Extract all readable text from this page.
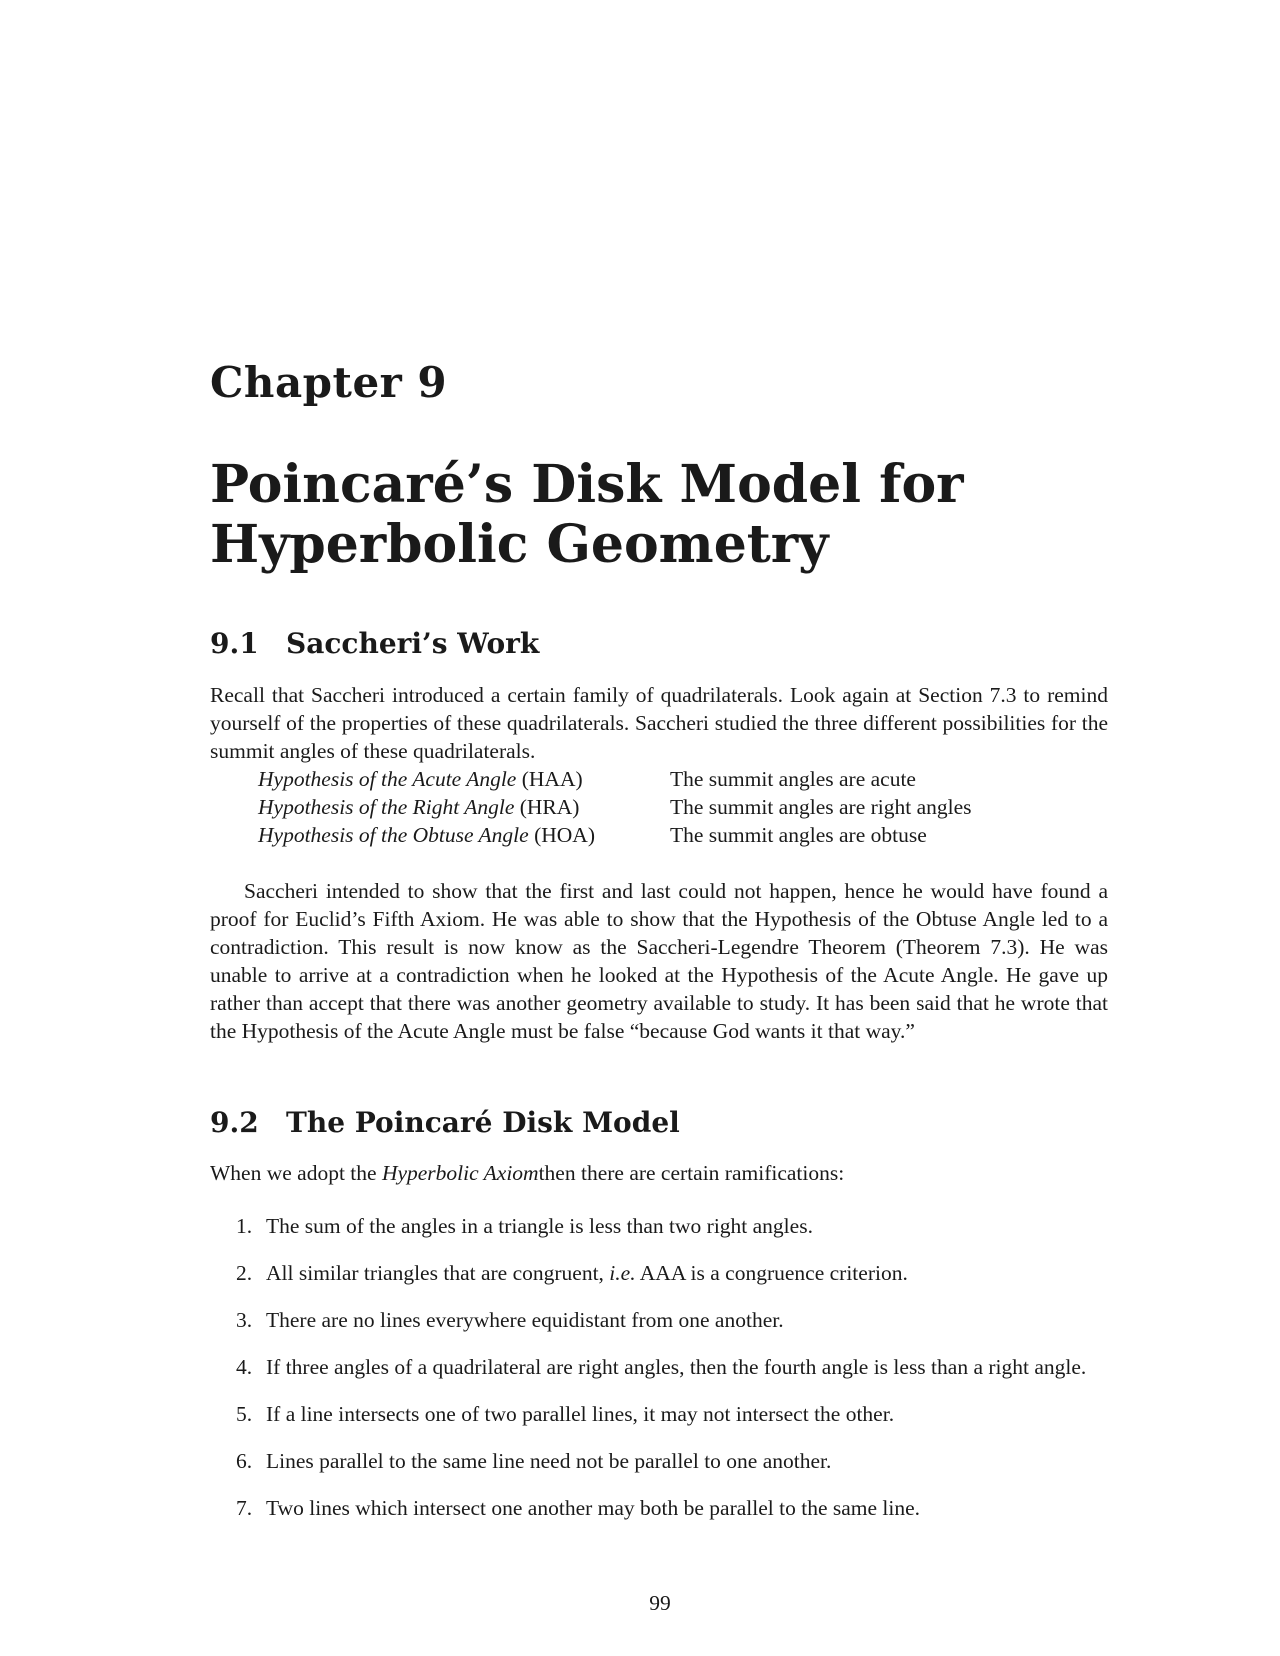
Chapter 9
Poincaré’s Disk Model for
Hyperbolic Geometry
9.1 Saccheri’s Work
Recall that Saccheri introduced a certain family of quadrilaterals. Look again at Section 7.3 to remind yourself of the properties of these quadrilaterals. Saccheri studied the three different possibilities for the summit angles of these quadrilaterals.
Hypothesis of the Acute Angle (HAA)	The summit angles are acute
Hypothesis of the Right Angle (HRA)	The summit angles are right angles
Hypothesis of the Obtuse Angle (HOA)	The summit angles are obtuse
Saccheri intended to show that the first and last could not happen, hence he would have found a proof for Euclid’s Fifth Axiom. He was able to show that the Hypothesis of the Obtuse Angle led to a contradiction. This result is now know as the Saccheri-Legendre Theorem (Theorem 7.3). He was unable to arrive at a contradiction when he looked at the Hypothesis of the Acute Angle. He gave up rather than accept that there was another geometry available to study. It has been said that he wrote that the Hypothesis of the Acute Angle must be false “because God wants it that way.”
9.2 The Poincaré Disk Model
When we adopt the Hyperbolic Axiomthen there are certain ramifications:
1. The sum of the angles in a triangle is less than two right angles.
2. All similar triangles that are congruent, i.e. AAA is a congruence criterion.
3. There are no lines everywhere equidistant from one another.
4. If three angles of a quadrilateral are right angles, then the fourth angle is less than a right angle.
5. If a line intersects one of two parallel lines, it may not intersect the other.
6. Lines parallel to the same line need not be parallel to one another.
7. Two lines which intersect one another may both be parallel to the same line.
99
